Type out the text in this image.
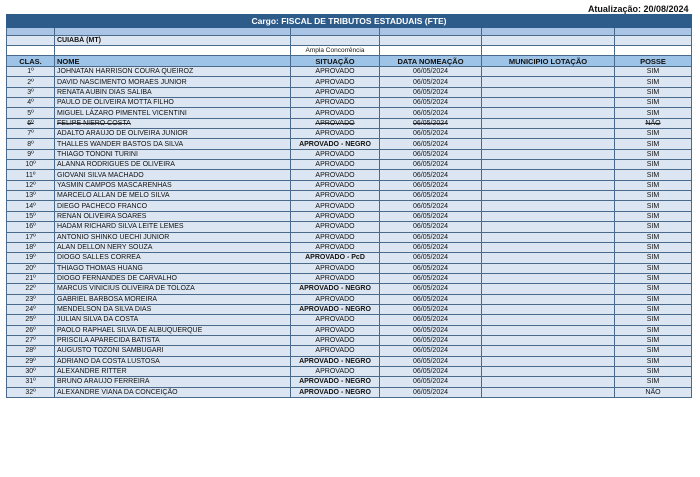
Atualização: 20/08/2024					
Cargo: FISCAL DE TRIBUTOS ESTADUAIS (FTE)					

	CUIABÁ (MT)				
		Ampla Concorrência			
CLAS.	NOME	SITUAÇÃO	DATA NOMEAÇÃO	MUNICIPIO LOTAÇÃO	POSSE
1º	JOHNATAN HARRISON COURA QUEIROZ	APROVADO	06/05/2024		SIM
2º	DAVID NASCIMENTO MORAES JUNIOR	APROVADO	06/05/2024		SIM
3º	RENATA AUBIN DIAS SALIBA	APROVADO	06/05/2024		SIM
4º	PAULO DE OLIVEIRA MOTTA FILHO	APROVADO	06/05/2024		SIM
5º	MIGUEL LÁZARO PIMENTEL VICENTINI	APROVADO	06/05/2024		SIM
6º	FELIPE NIERO COSTA	APROVADO	06/05/2024		NÃO
7º	ADALTO ARAÚJO DE OLIVEIRA JUNIOR	APROVADO	06/05/2024		SIM
8º	THALLES WANDER BASTOS DA SILVA	APROVADO - NEGRO	06/05/2024		SIM
9º	THIAGO TONONI TURINI	APROVADO	06/05/2024		SIM
10º	ALANNA RODRIGUES DE OLIVEIRA	APROVADO	06/05/2024		SIM
11º	GIOVANI SILVA MACHADO	APROVADO	06/05/2024		SIM
12º	YASMIN CAMPOS MASCARENHAS	APROVADO	06/05/2024		SIM
13º	MARCELO ALLAN DE MELO SILVA	APROVADO	06/05/2024		SIM
14º	DIEGO PACHECO FRANCO	APROVADO	06/05/2024		SIM
15º	RENAN OLIVEIRA SOARES	APROVADO	06/05/2024		SIM
16º	HADAM RICHARD SILVA LEITE LEMES	APROVADO	06/05/2024		SIM
17º	ANTONIO SHINKO UECHI JUNIOR	APROVADO	06/05/2024		SIM
18º	ALAN DELLON NERY SOUZA	APROVADO	06/05/2024		SIM
19º	DIOGO SALLES CORREA	APROVADO - PcD	06/05/2024		SIM
20º	THIAGO THOMAS HUANG	APROVADO	06/05/2024		SIM
21º	DIOGO FERNANDES DE CARVALHO	APROVADO	06/05/2024		SIM
22º	MARCUS VINICIUS OLIVEIRA DE TOLOZA	APROVADO - NEGRO	06/05/2024		SIM
23º	GABRIEL BARBOSA MOREIRA	APROVADO	06/05/2024		SIM
24º	MENDELSON DA SILVA DIAS	APROVADO - NEGRO	06/05/2024		SIM
25º	JULIAN SILVA DA COSTA	APROVADO	06/05/2024		SIM
26º	PAOLO RAPHAEL SILVA DE ALBUQUERQUE	APROVADO	06/05/2024		SIM
27º	PRISCILA APARECIDA BATISTA	APROVADO	06/05/2024		SIM
28º	AUGUSTO TOZONI SAMBUGARI	APROVADO	06/05/2024		SIM
29º	ADRIANO DA COSTA LUSTOSA	APROVADO - NEGRO	06/05/2024		SIM
30º	ALEXANDRE RITTER	APROVADO	06/05/2024		SIM
31º	BRUNO ARAUJO FERREIRA	APROVADO - NEGRO	06/05/2024		SIM
32º	ALEXANDRE VIANA DA CONCEIÇÃO	APROVADO - NEGRO	06/05/2024		NÃO
